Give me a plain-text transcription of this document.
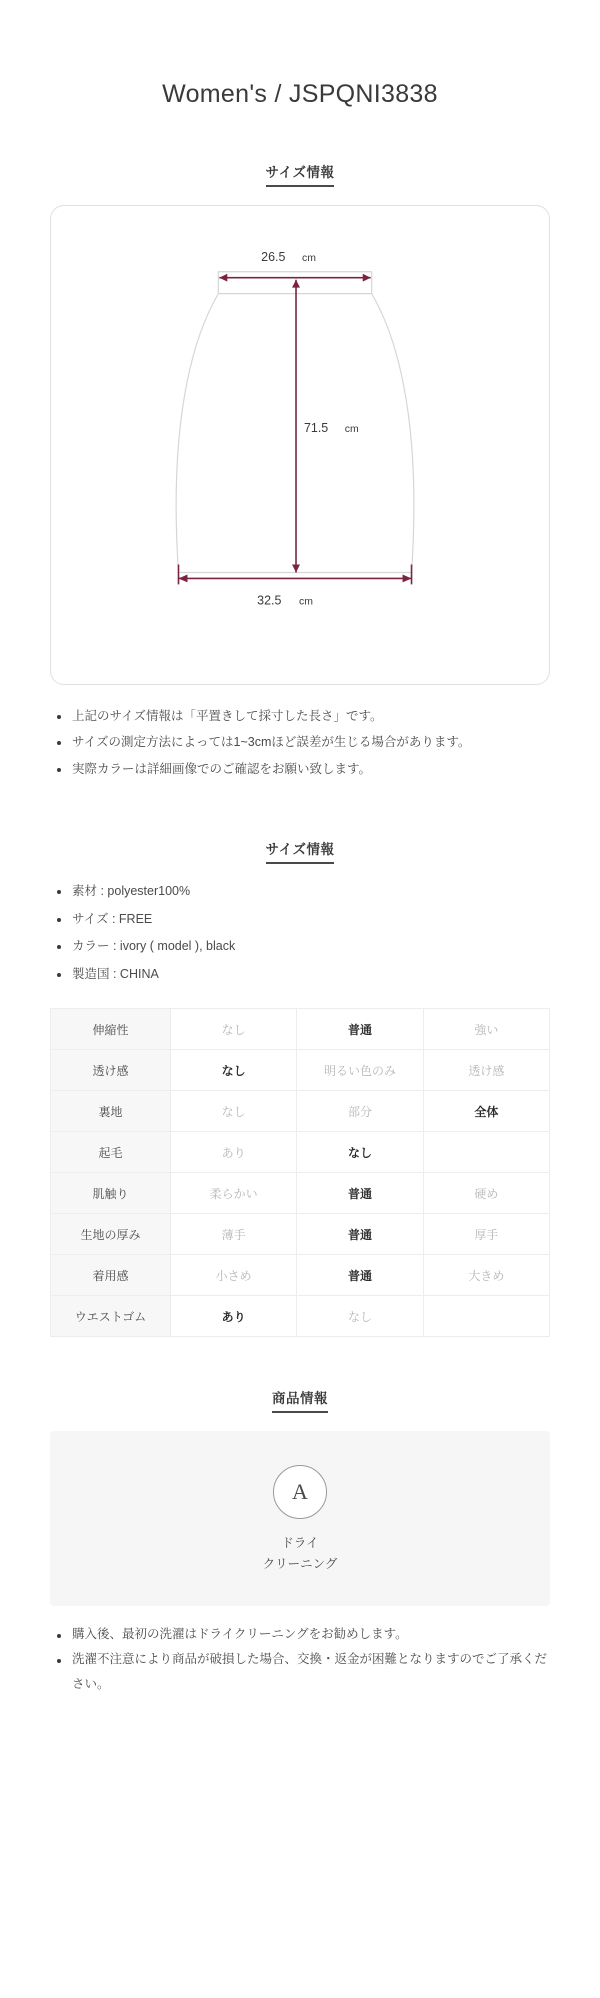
Women's / JSPQNI3838
サイズ情報
26.5 cm
71.5 cm
32.5 cm
上記のサイズ情報は「平置きして採寸した長さ」です。
サイズの測定方法によっては1~3cmほど誤差が生じる場合があります。
実際カラーは詳細画像でのご確認をお願い致します。
サイズ情報
素材 : polyester100%
サイズ : FREE
カラー : ivory ( model ), black
製造国 : CHINA
伸縮性	なし	普通	強い
透け感	なし	明るい色のみ	透け感
裏地	なし	部分	全体
起毛	あり	なし	
肌触り	柔らかい	普通	硬め
生地の厚み	薄手	普通	厚手
着用感	小さめ	普通	大きめ
ウエストゴム	あり	なし	
商品情報
A
ドライ
クリーニング
購入後、最初の洗濯はドライクリーニングをお勧めします。
洗濯不注意により商品が破損した場合、交換・返金が困難となりますのでご了承ください。
